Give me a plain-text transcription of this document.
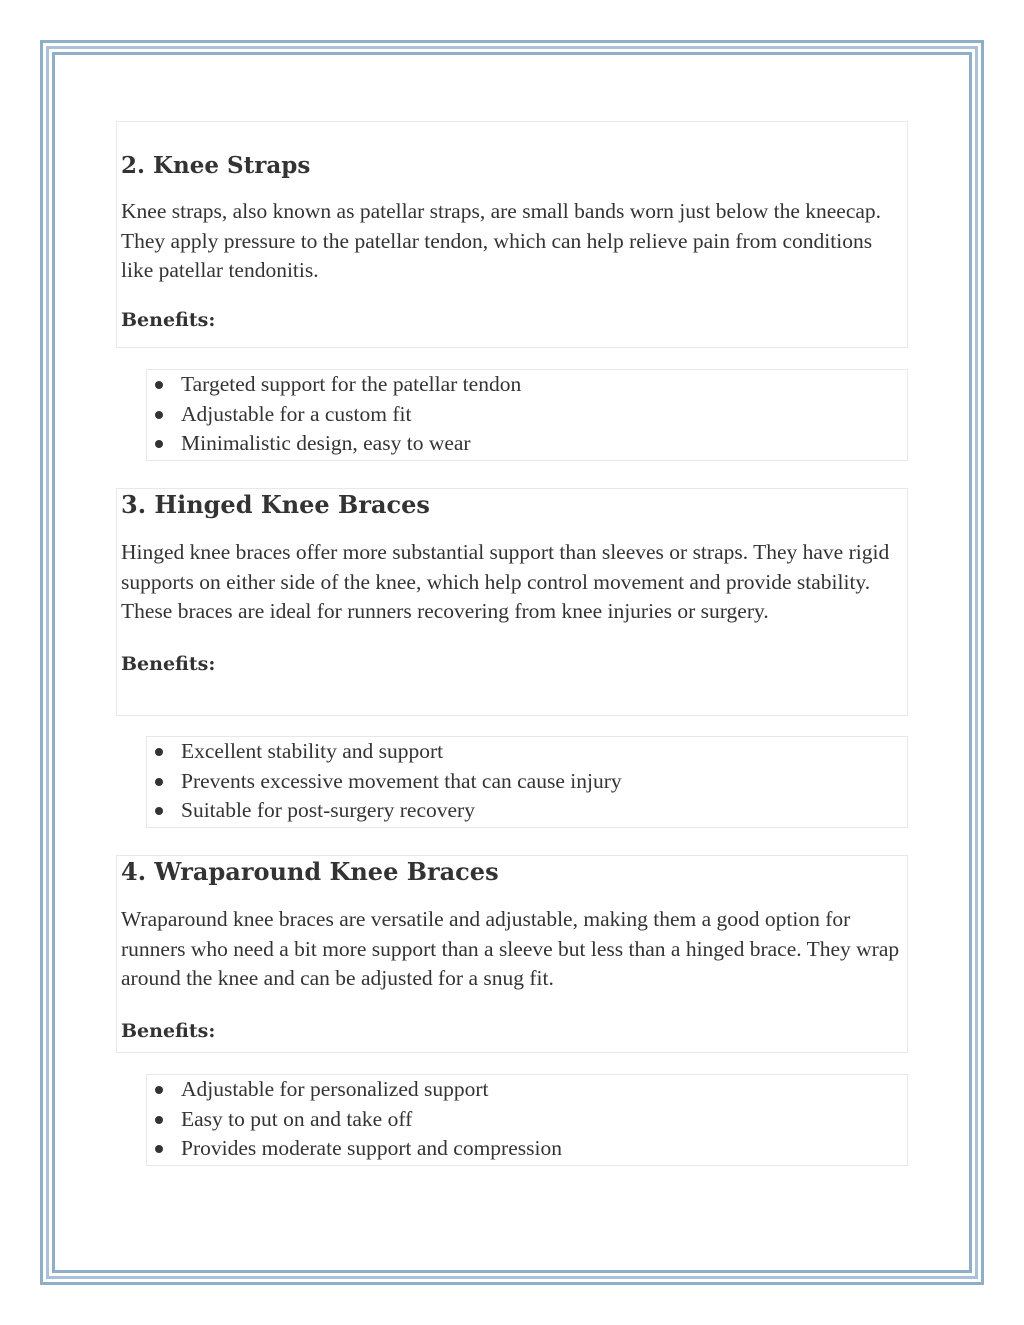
2. Knee Straps

Knee straps, also known as patellar straps, are small bands worn just below the kneecap. They apply pressure to the patellar tendon, which can help relieve pain from conditions like patellar tendonitis.

Benefits:
Targeted support for the patellar tendon
Adjustable for a custom fit
Minimalistic design, easy to wear
3. Hinged Knee Braces

Hinged knee braces offer more substantial support than sleeves or straps. They have rigid supports on either side of the knee, which help control movement and provide stability. These braces are ideal for runners recovering from knee injuries or surgery.

Benefits:
Excellent stability and support
Prevents excessive movement that can cause injury
Suitable for post-surgery recovery
4. Wraparound Knee Braces

Wraparound knee braces are versatile and adjustable, making them a good option for runners who need a bit more support than a sleeve but less than a hinged brace. They wrap around the knee and can be adjusted for a snug fit.

Benefits:
Adjustable for personalized support
Easy to put on and take off
Provides moderate support and compression
